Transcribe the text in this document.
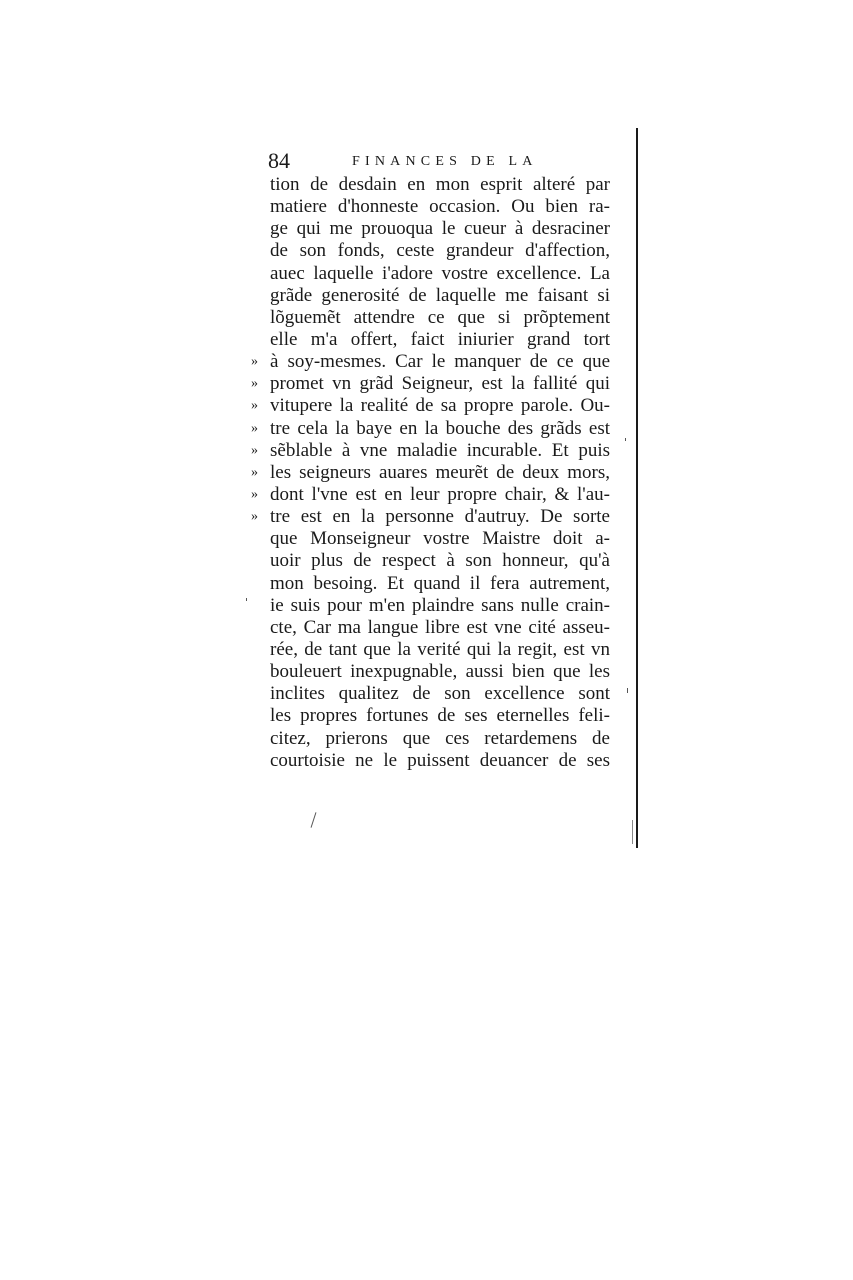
84	FINANCES DE LA
tion de desdain en mon esprit alteré par
matiere d'honneste occasion. Ou bien ra-
ge qui me prouoqua le cueur à desraciner
de son fonds, ceste grandeur d'affection,
auec laquelle i'adore vostre excellence. La
grãde generosité de laquelle me faisant si
lõguemẽt attendre ce que si prõptement
elle m'a offert, faict iniurier grand tort
» à soy-mesmes. Car le manquer de ce que
» promet vn grãd Seigneur, est la fallité qui
» vitupere la realité de sa propre parole. Ou-
» tre cela la baye en la bouche des grãds est
» sẽblable à vne maladie incurable. Et puis
» les seigneurs auares meurẽt de deux mors,
» dont l'vne est en leur propre chair, & l'au-
» tre est en la personne d'autruy. De sorte
que Monseigneur vostre Maistre doit a-
uoir plus de respect à son honneur, qu'à
mon besoing. Et quand il fera autrement,
ie suis pour m'en plaindre sans nulle crain-
cte, Car ma langue libre est vne cité asseu-
rée, de tant que la verité qui la regit, est vn
bouleuert inexpugnable, aussi bien que les
inclites qualitez de son excellence sont
les propres fortunes de ses eternelles feli-
citez, prierons que ces retardemens de
courtoisie ne le puissent deuancer de ses
